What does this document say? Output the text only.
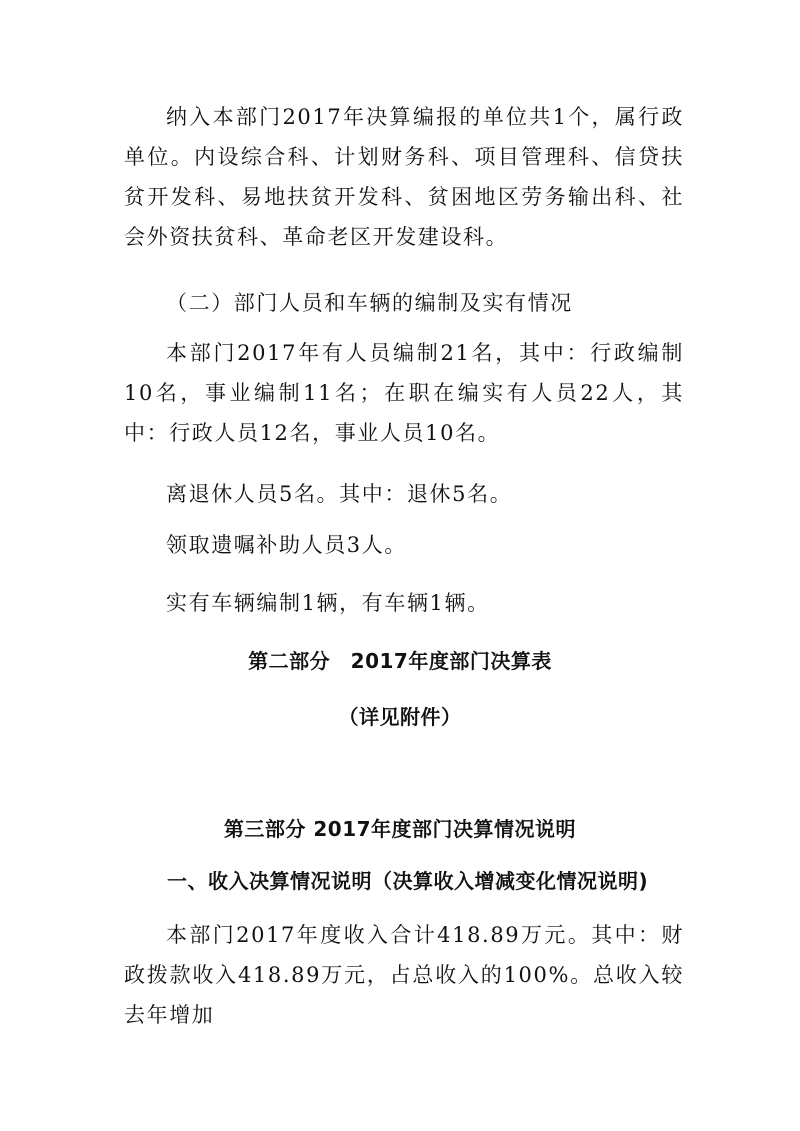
纳入本部门2017年决算编报的单位共1个，属行政单位。内设综合科、计划财务科、项目管理科、信贷扶贫开发科、易地扶贫开发科、贫困地区劳务输出科、社会外资扶贫科、革命老区开发建设科。

（二）部门人员和车辆的编制及实有情况

本部门2017年有人员编制21名，其中：行政编制10名，事业编制11名；在职在编实有人员22人，其中：行政人员12名，事业人员10名。

离退休人员5名。其中：退休5名。

领取遗嘱补助人员3人。

实有车辆编制1辆，有车辆1辆。

第二部分　2017年度部门决算表
（详见附件）
第三部分 2017年度部门决算情况说明
一、收入决算情况说明（决算收入增减变化情况说明)

本部门2017年度收入合计418.89万元。其中：财政拨款收入418.89万元，占总收入的100%。总收入较去年增加
